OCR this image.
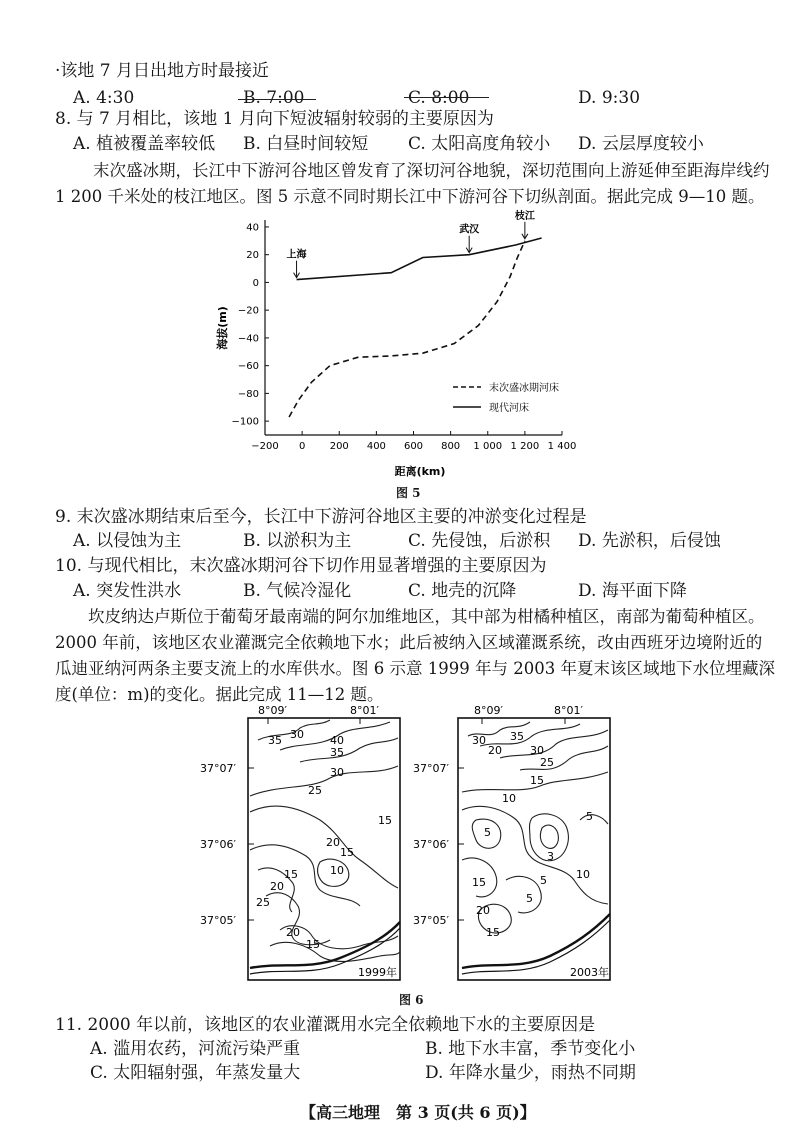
·该地 7 月日出地方时最接近
A. 4:30	B. 7:00	C. 8:00	D. 9:30
8. 与 7 月相比，该地 1 月向下短波辐射较弱的主要原因为
A. 植被覆盖率较低 B. 白昼时间较短 C. 太阳高度角较小 D. 云层厚度较小
末次盛冰期，长江中下游河谷地区曾发育了深切河谷地貌，深切范围向上游延伸至距海岸线约
1 200 千米处的枝江地区。图 5 示意不同时期长江中下游河谷下切纵剖面。据此完成 9—10 题。
−200 0 200 400 600 800 1 000 1 200 1 400
40
20
0
−20
−40
−60
−80
−100
上海
武汉
枝江
末次盛冰期河床
现代河床
海拔(m)
距离(km)
图 5
9. 末次盛冰期结束后至今，长江中下游河谷地区主要的冲淤变化过程是
A. 以侵蚀为主	B. 以淤积为主	C. 先侵蚀，后淤积 D. 先淤积，后侵蚀
10. 与现代相比，末次盛冰期河谷下切作用显著增强的主要原因为
A. 突发性洪水	B. 气候冷湿化	C. 地壳的沉降	D. 海平面下降
坎皮纳达卢斯位于葡萄牙最南端的阿尔加维地区，其中部为柑橘种植区，南部为葡萄种植区。2000 年前，该地区农业灌溉完全依赖地下水；此后被纳入区域灌溉系统，改由西班牙边境附近的瓜迪亚纳河两条主要支流上的水库供水。图 6 示意 1999 年与 2003 年夏末该区域地下水位埋藏深度(单位：m)的变化。据此完成 11—12 题。
8°09′	8°01′	8°09′	8°01′
37°07′
37°06′
37°05′
37°07′
37°06′
37°05′
35 30 40
35
30
25
15
20
15
10
15
20
25
20
15
1999年
30
20
35
30
25
15
10
5
5
3
5	10
5
15
20
15
2003年
图 6
11. 2000 年以前，该地区的农业灌溉用水完全依赖地下水的主要原因是
A. 滥用农药，河流污染严重	B. 地下水丰富，季节变化小
C. 太阳辐射强，年蒸发量大	D. 年降水量少，雨热不同期
【高三地理　第 3 页(共 6 页)】
